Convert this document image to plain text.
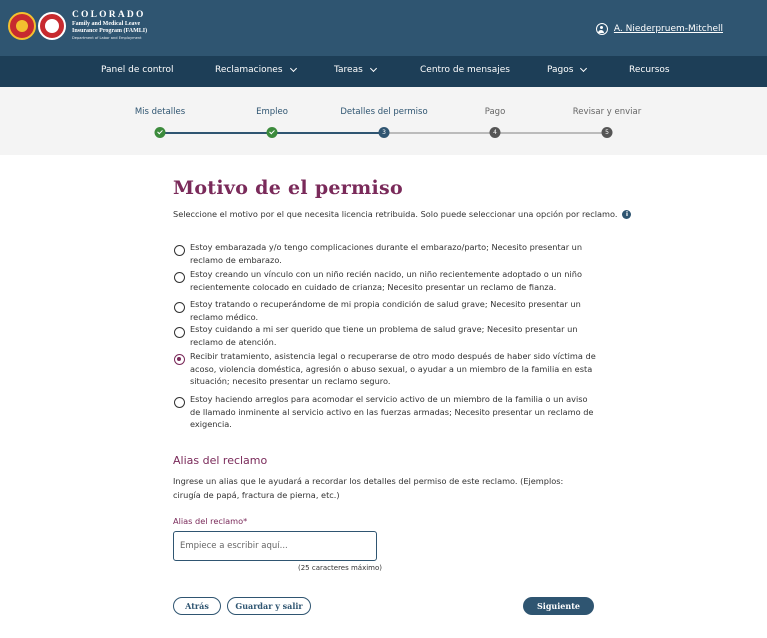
COLORADO
Family and Medical Leave
Insurance Program (FAMLI)
Department of Labor and Employment
A. Niederpruem-Mitchell
Panel de control	Reclamaciones	Tareas	Centro de mensajes	Pagos	Recursos
Mis detalles	Empleo	Detalles del permiso	Pago	Revisar y enviar
3	4	5
Motivo de el permiso
Seleccione el motivo por el que necesita licencia retribuida. Solo puede seleccionar una opción por reclamo.	i
Estoy embarazada y/o tengo complicaciones durante el embarazo/parto; Necesito presentar un reclamo de embarazo.
Estoy creando un vínculo con un niño recién nacido, un niño recientemente adoptado o un niño recientemente colocado en cuidado de crianza; Necesito presentar un reclamo de fianza.
Estoy tratando o recuperándome de mi propia condición de salud grave; Necesito presentar un reclamo médico.
Estoy cuidando a mi ser querido que tiene un problema de salud grave; Necesito presentar un reclamo de atención.
Recibir tratamiento, asistencia legal o recuperarse de otro modo después de haber sido víctima de acoso, violencia doméstica, agresión o abuso sexual, o ayudar a un miembro de la familia en esta situación; necesito presentar un reclamo seguro.
Estoy haciendo arreglos para acomodar el servicio activo de un miembro de la familia o un aviso de llamado inminente al servicio activo en las fuerzas armadas; Necesito presentar un reclamo de exigencia.
Alias del reclamo
Ingrese un alias que le ayudará a recordar los detalles del permiso de este reclamo. (Ejemplos: cirugía de papá, fractura de pierna, etc.)
Alias del reclamo*
Empiece a escribir aquí...
(25 caracteres máximo)
Atrás	Guardar y salir	Siguiente
